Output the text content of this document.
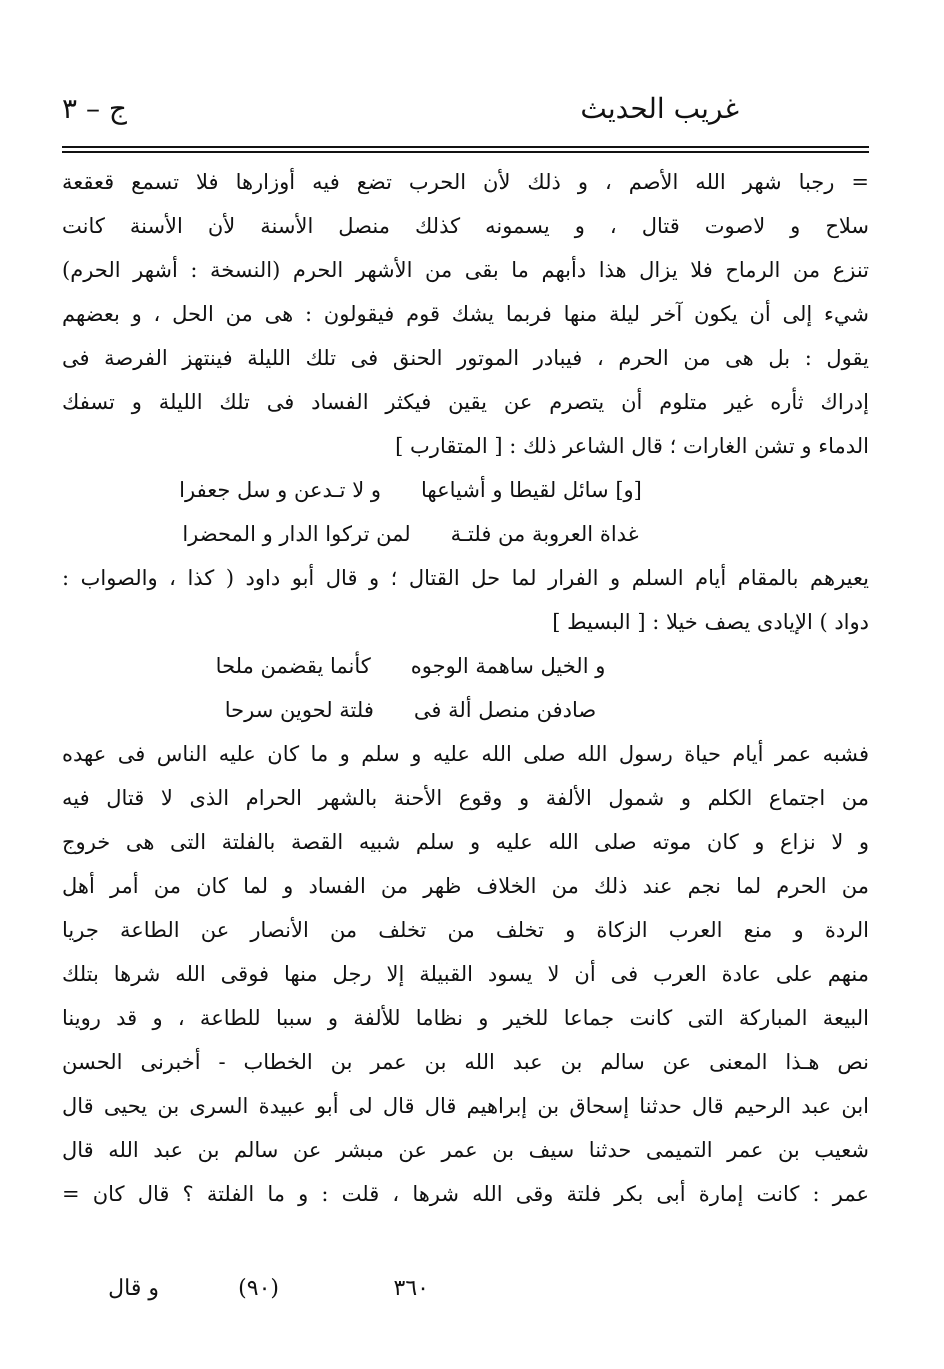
غريب الحديث
ج – ٣
= رجبا شهر الله الأصم ، و ذلك لأن الحرب تضع فيه أوزارها فلا تسمع قعقعة
سلاح و لاصوت قتال ، و يسمونه كذلك منصل الأسنة لأن الأسنة كانت
تنزع من الرماح فلا يزال هذا دأبهم ما بقى من الأشهر الحرم (النسخة : أشهر الحرم)
شيء إلى أن يكون آخر ليلة منها فربما يشك قوم فيقولون : هى من الحل ، و بعضهم
يقول : بل هى من الحرم ، فيبادر الموتور الحنق فى تلك الليلة فينتهز الفرصة فى
إدراك ثأره غير متلوم أن يتصرم عن يقين فيكثر الفساد فى تلك الليلة و تسفك
الدماء و تشن الغارات ؛ قال الشاعر ذلك : [ المتقارب ]
[و] سائل لقيطا و أشياعها
و لا تـدعن و سل جعفرا
غداة العروبة من فلتـة
لمن تركوا الدار و المحضرا
يعيرهم بالمقام أيام السلم و الفرار لما حل القتال ؛ و قال أبو داود ( كذا ، والصواب :
دواد ) الإيادى يصف خيلا : [ البسيط ]
و الخيل ساهمة الوجوه
كأنما يقضمن ملحا
صادفن منصل ألة فى
فلتة لحوين سرحا
فشبه عمر أيام حياة رسول الله صلى الله عليه و سلم و ما كان عليه الناس فى عهده
من اجتماع الكلم و شمول الألفة و وقوع الأحنة بالشهر الحرام الذى لا قتال فيه
و لا نزاع و كان موته صلى الله عليه و سلم شبيه القصة بالفلتة التى هى خروج
من الحرم لما نجم عند ذلك من الخلاف ظهر من الفساد و لما كان من أمر أهل
الردة و منع العرب الزكاة و تخلف من تخلف من الأنصار عن الطاعة جريا
منهم على عادة العرب فى أن لا يسود القبيلة إلا رجل منها فوقى الله شرها بتلك
البيعة المباركة التى كانت جماعا للخير و نظاما للألفة و سببا للطاعة ، و قد روينا
نص هـذا المعنى عن سالم بن عبد الله بن عمر بن الخطاب - أخبرنى الحسن
ابن عبد الرحيم قال حدثنا إسحاق بن إبراهيم قال قال لى أبو عبيدة السرى بن يحيى قال
شعيب بن عمر التميمى حدثنا سيف بن عمر عن مبشر عن سالم بن عبد الله قال
عمر : كانت إمارة أبى بكر فلتة وقى الله شرها ، قلت : و ما الفلتة ؟ قال كان =
٣٦٠
(٩٠)
و قال
